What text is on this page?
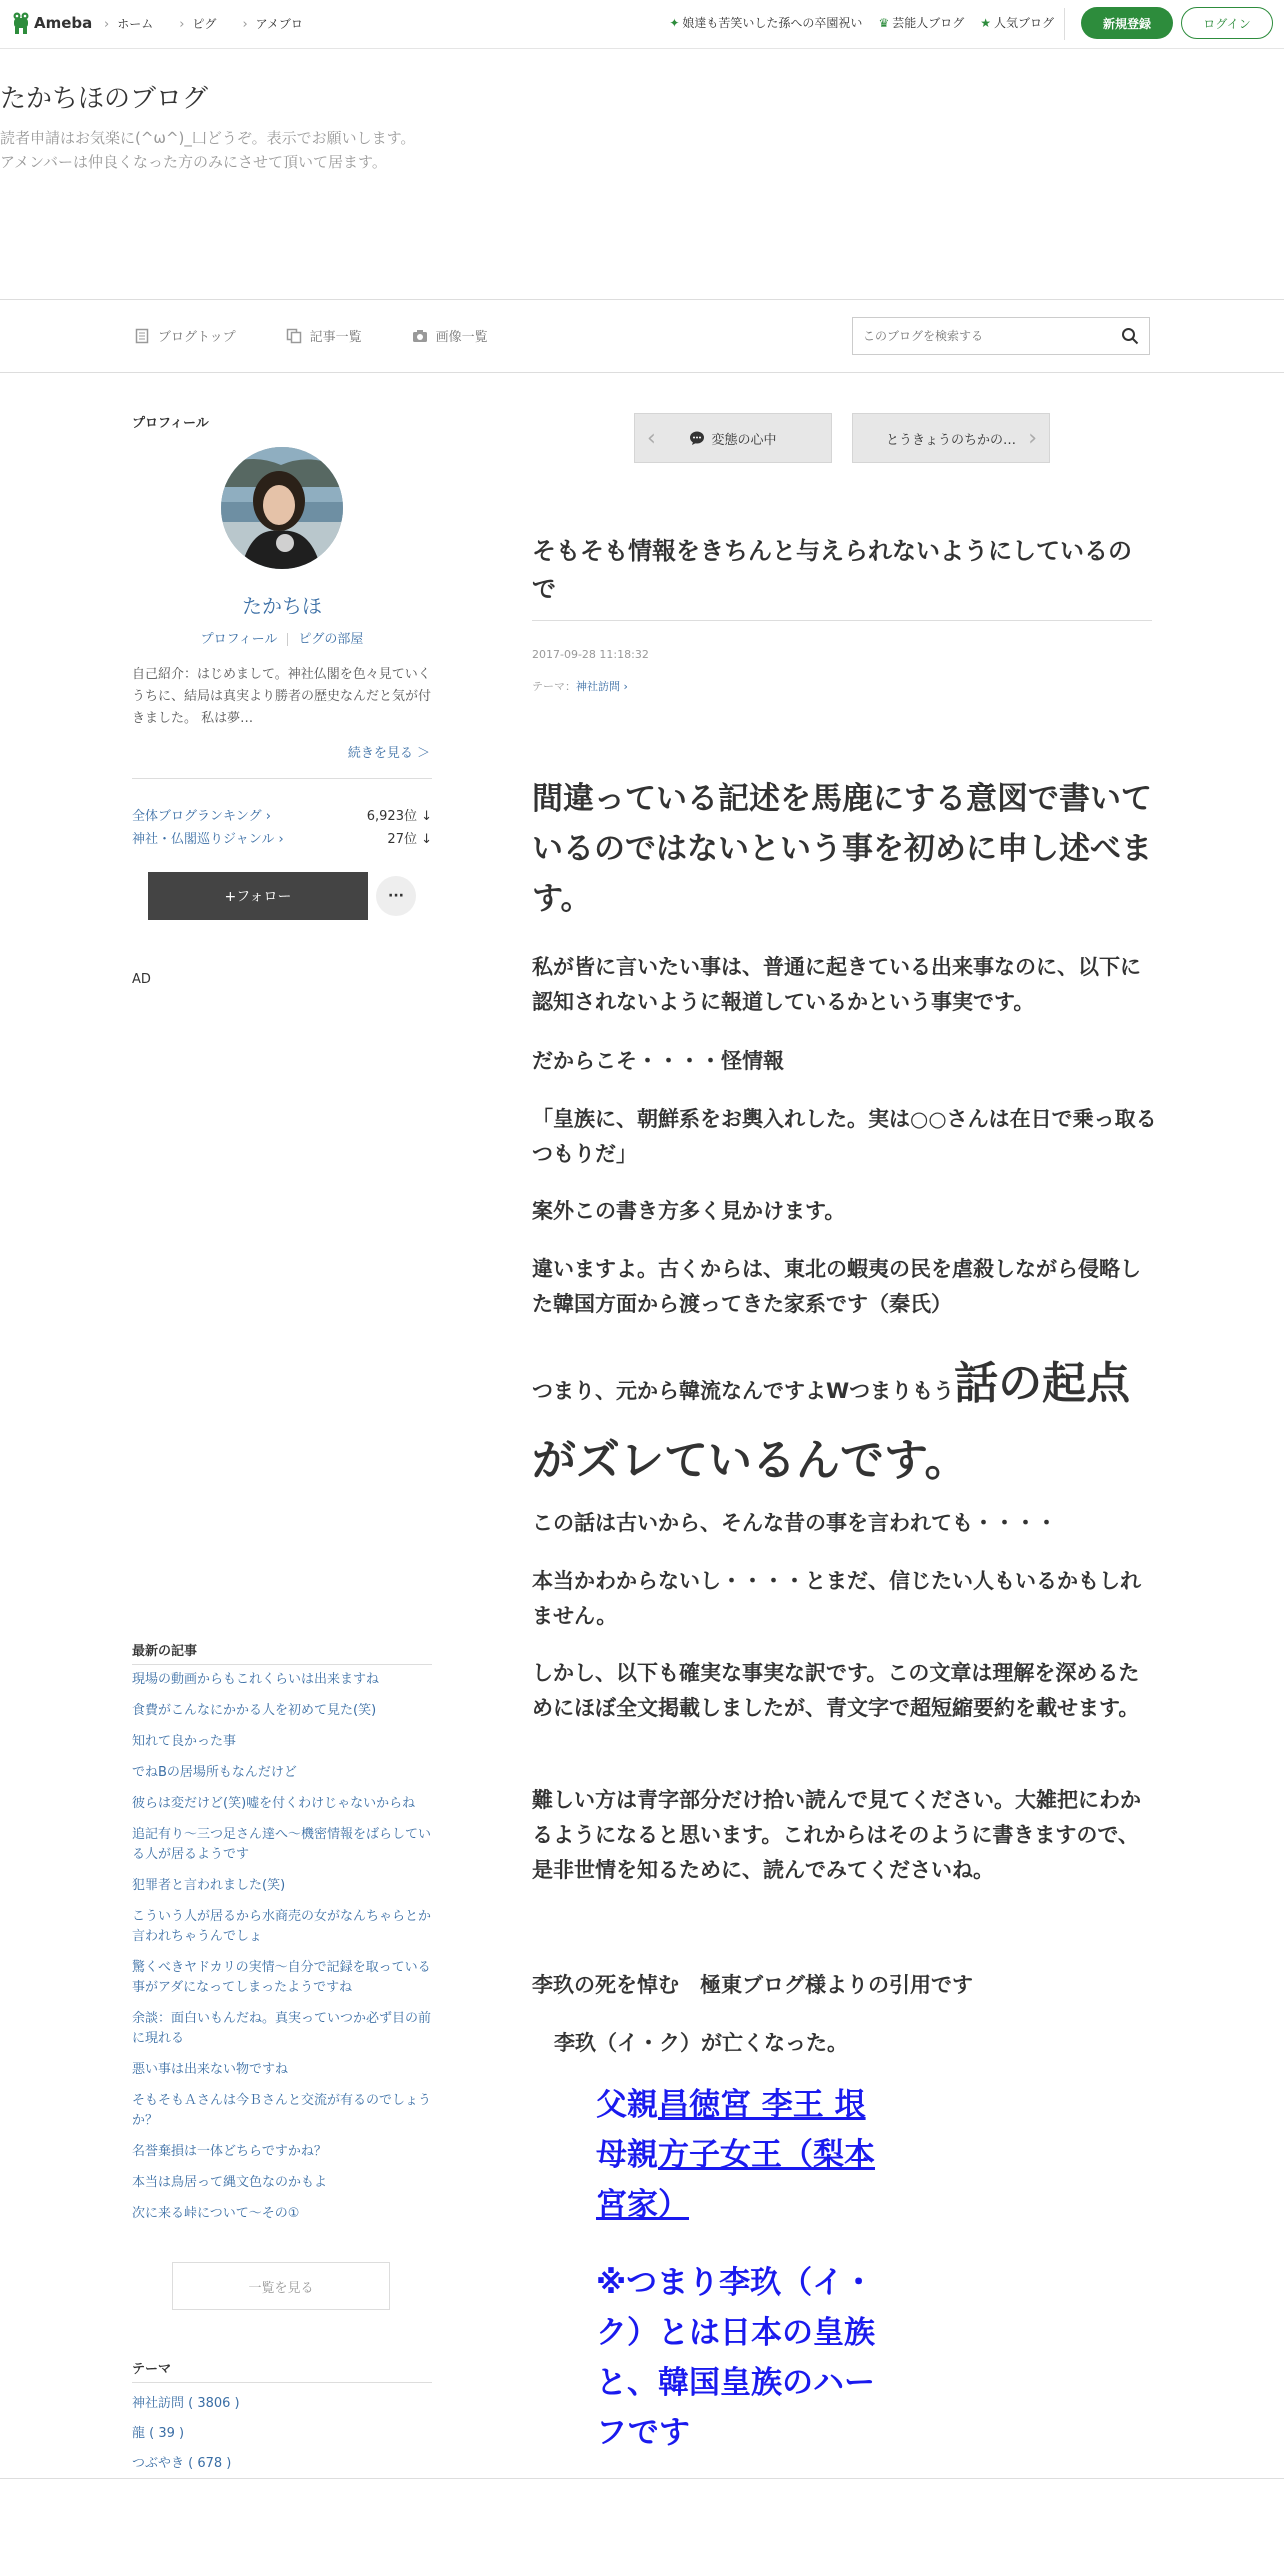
Ameba	› ホーム	› ピグ	› アメブロ	✦ 娘達も苦笑いした孫への卒園祝い ♛ 芸能人ブログ ★ 人気ブログ	新規登録	ログイン
たかちほのブログ
読者申請はお気楽に(^ω^)_凵どうぞ。表示でお願いします。
アメンバーは仲良くなった方のみにさせて頂いて居ます。
ブログトップ	記事一覧	画像一覧
このブログを検索する
プロフィール
たかちほ
プロフィール ピグの部屋
自己紹介：はじめまして。神社仏閣を色々見ていくうちに、結局は真実より勝者の歴史なんだと気が付きました。 私は夢…
続きを見る ＞
全体ブログランキング ›	6,923位 ↓
神社・仏閣巡りジャンル ›	27位 ↓
+フォロー	···
AD
最新の記事
現場の動画からもこれくらいは出来ますね
食費がこんなにかかる人を初めて見た(笑)
知れて良かった事
でねBの居場所もなんだけど
彼らは変だけど(笑)嘘を付くわけじゃないからね
追記有り～三つ足さん達へ～機密情報をばらしている人が居るようです
犯罪者と言われました(笑)
こういう人が居るから水商売の女がなんちゃらとか言われちゃうんでしょ
驚くべきヤドカリの実情～自分で記録を取っている事がアダになってしまったようですね
余談：面白いもんだね。真実っていつか必ず目の前に現れる
悪い事は出来ない物ですね
そもそもＡさんは今Ｂさんと交流が有るのでしょうか？
名誉棄損は一体どちらですかね？
本当は鳥居って縄文色なのかもよ
次に来る峠について～その①
一覧を見る
テーマ
神社訪問 ( 3806 )
龍 ( 39 )
つぶやき ( 678 )
‹	変態の心中	とうきょうのちかの… ›
そもそも情報をきちんと与えられないようにしているので
2017-09-28 11:18:32
テーマ：神社訪問 ›
間違っている記述を馬鹿にする意図で書いているのではないという事を初めに申し述べます。
私が皆に言いたい事は、普通に起きている出来事なのに、以下に認知されないように報道しているかという事実です。
だからこそ・・・・怪情報
「皇族に、朝鮮系をお輿入れした。実は○○さんは在日で乗っ取るつもりだ」
案外この書き方多く見かけます。
違いますよ。古くからは、東北の蝦夷の民を虐殺しながら侵略した韓国方面から渡ってきた家系です（秦氏）
つまり、元から韓流なんですよWつまりもう話の起点がズレているんです。
この話は古いから、そんな昔の事を言われても・・・・
本当かわからないし・・・・とまだ、信じたい人もいるかもしれません。
しかし、以下も確実な事実な訳です。この文章は理解を深めるためにほぼ全文掲載しましたが、青文字で超短縮要約を載せます。
難しい方は青字部分だけ拾い読んで見てください。大雑把にわかるようになると思います。これからはそのように書きますので、是非世情を知るために、読んでみてくださいね。
李玖の死を悼む　極東ブログ様よりの引用です
李玖（イ・ク）が亡くなった。
父親昌徳宮 李王 垠
母親方子女王（梨本宮家）
※つまり李玖（イ・ク）とは日本の皇族と、韓国皇族のハーフです
